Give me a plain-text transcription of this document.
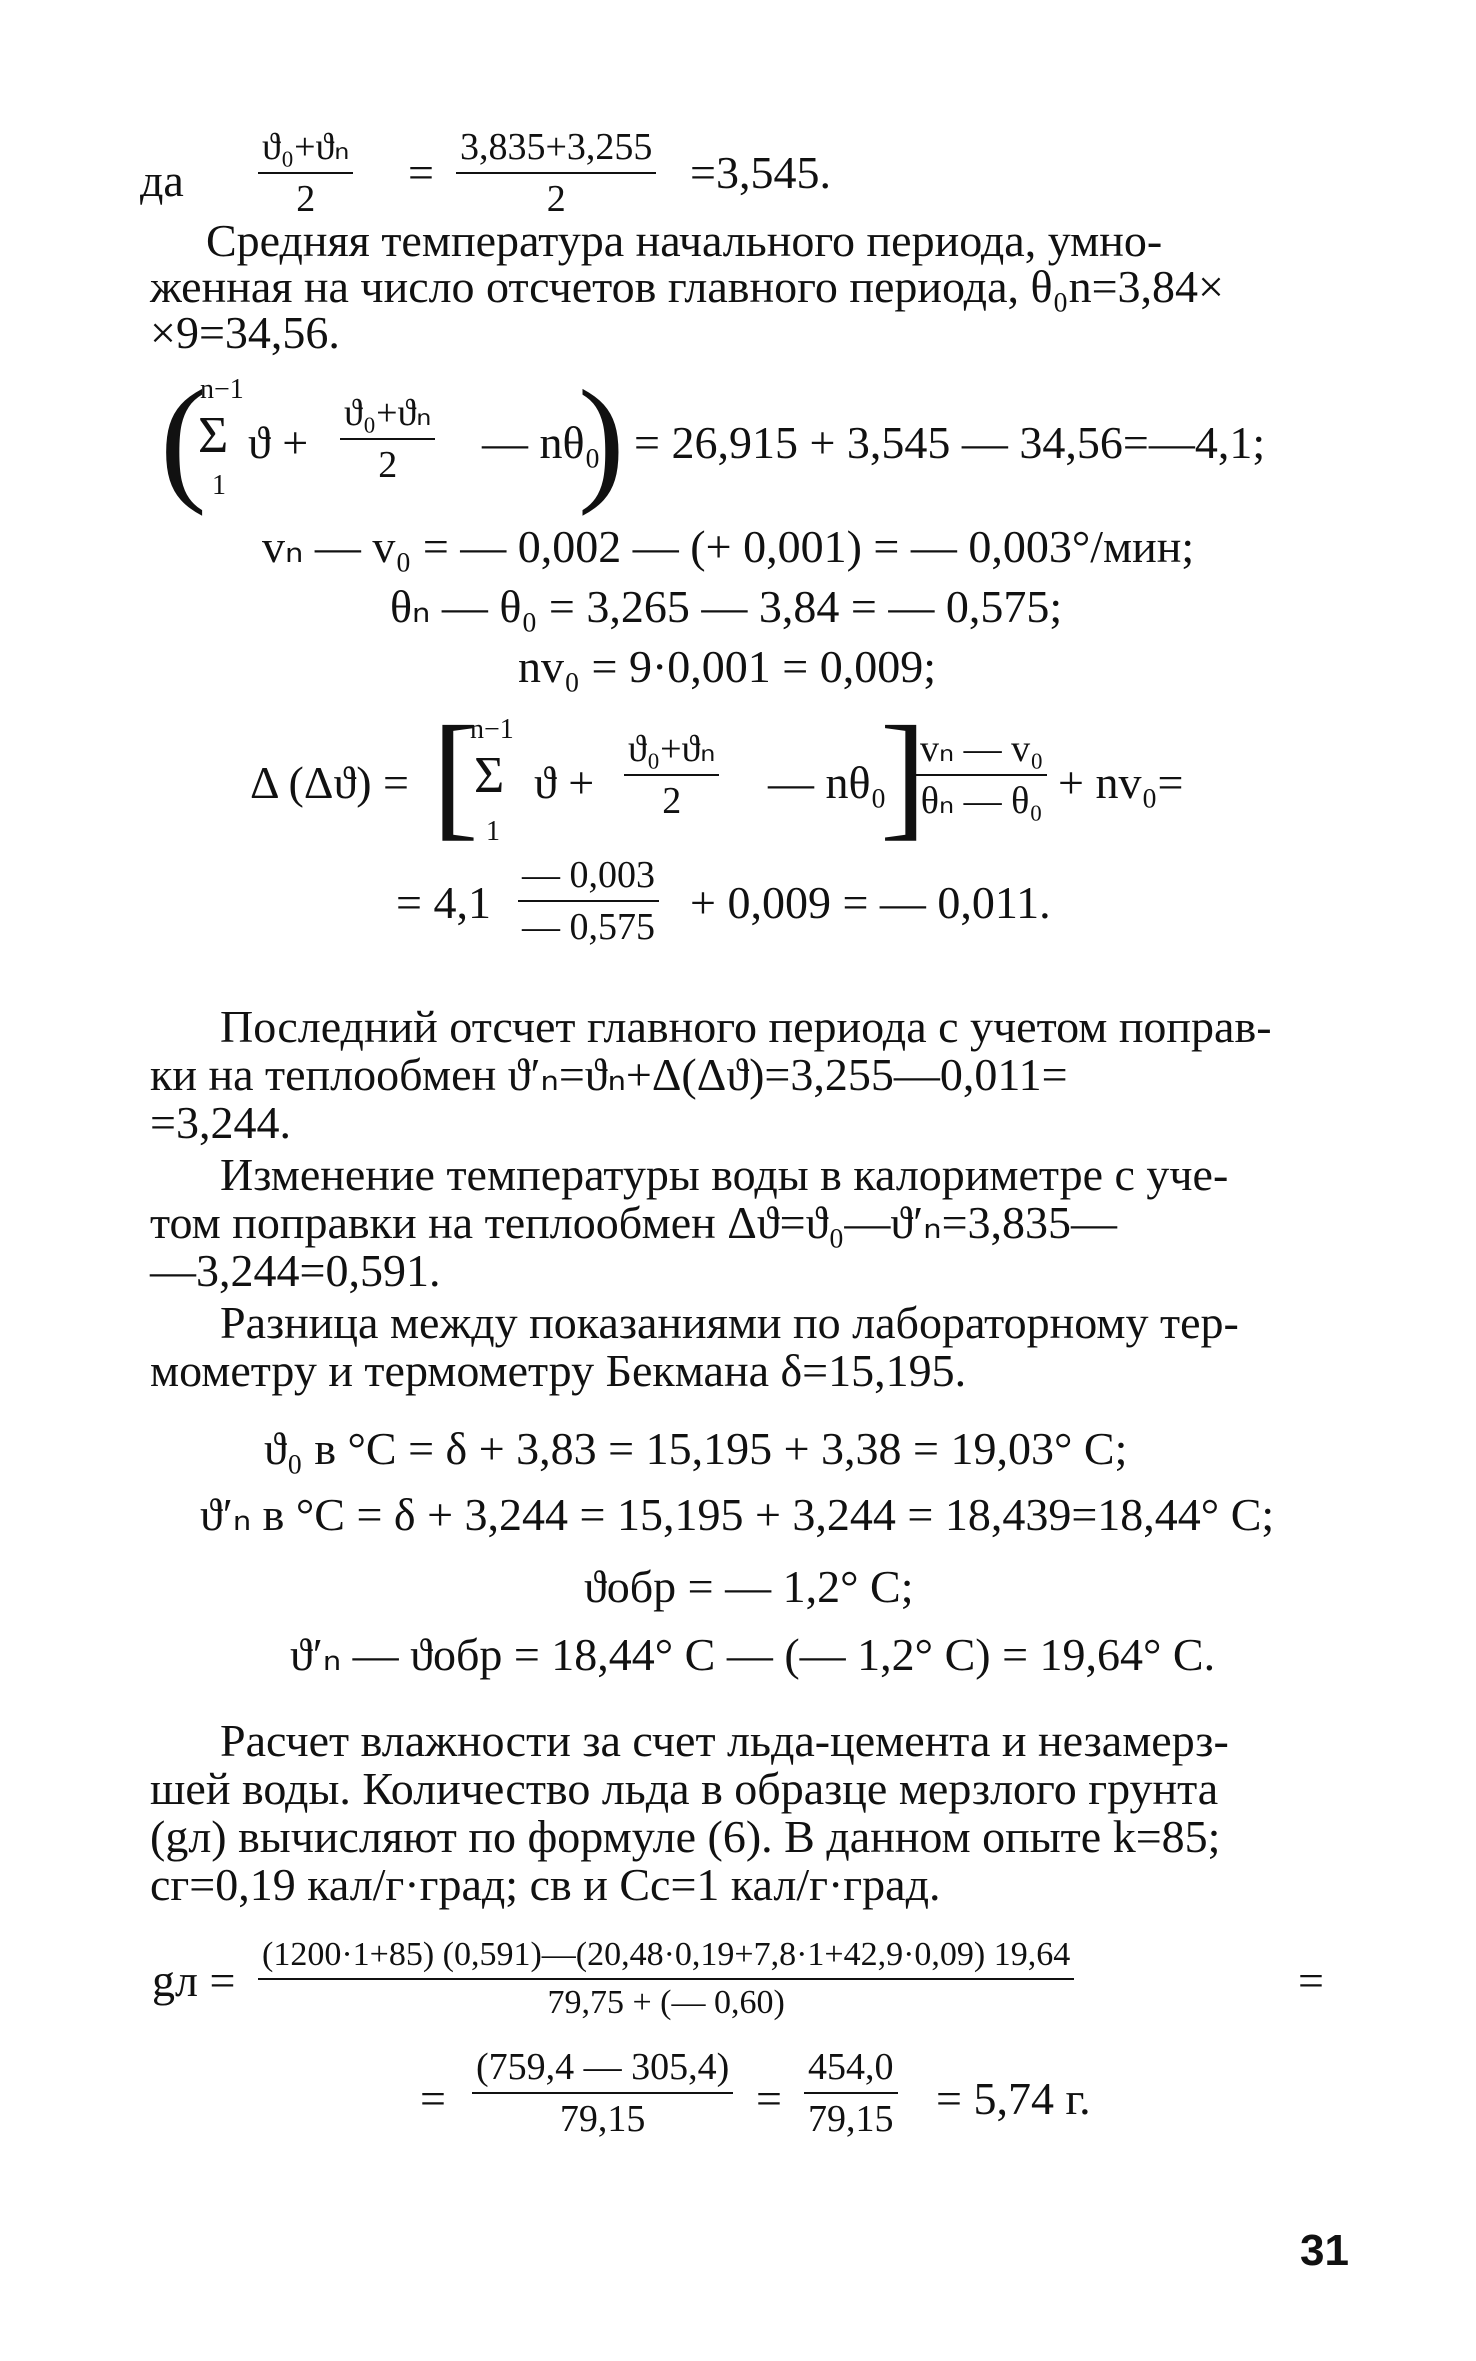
да $\frac{\text{ϑ₀+ϑₙ}}{2} = \frac{3,835+3,255}{2} =3,545$.
Средняя температура начального периода, умно-
женная на число отсчетов главного периода, θ₀n=3,84×
×9=34,56.
(
n−1
Σ
1
$ϑ + \frac{\text{ϑ₀+ϑₙ}}{2}$ — nθ₀
) = 26,915 + 3,545 — 34,56=—4,1;
vₙ — v₀ = — 0,002 — (+ 0,001) = — 0,003°/мин;
θₙ — θ₀ = 3,265 — 3,84 = — 0,575;
nv₀ = 9·0,001 = 0,009;
Δ (Δϑ) = [
n−1
Σ
1
$ϑ + \frac{\text{ϑ₀+ϑₙ}}{2}$ — nθ₀
]
$\frac{\text{vₙ — v₀}}{\text{θₙ — θ₀}} + nv_0=$
= $4,1 \frac{— 0,003}{— 0,575} + 0,009$ = — 0,011.
Последний отсчет главного периода с учетом поправ-
ки на теплообмен ϑ′ₙ=ϑₙ+Δ(Δϑ)=3,255—0,011=
=3,244.
Изменение температуры воды в калориметре с уче-
том поправки на теплообмен Δϑ=ϑ₀—ϑ′ₙ=3,835—
—3,244=0,591.
Разница между показаниями по лабораторному тер-
мометру и термометру Бекмана δ=15,195.
ϑ₀ в °C = δ + 3,83 = 15,195 + 3,38 = 19,03° C;
ϑ′ₙ в °C = δ + 3,244 = 15,195 + 3,244 = 18,439=18,44° C;
ϑобр = — 1,2° C;
ϑ′ₙ — ϑобр = 18,44° C — (— 1,2° C) = 19,64° C.
Расчет влажности за счет льда-цемента и незамерз-
шей воды. Количество льда в образце мерзлого грунта
(gл) вычисляют по формуле (6). В данном опыте k=85;
cг=0,19 кал/г·град; cв и Cс=1 кал/г·град.
gл = $\frac{(1200\cdot 1+85) (0,591)—(20,48\cdot 0,19+7,8\cdot 1+42,9\cdot 0,09) 19,64}{79,75 + (— 0,60)}$	=
= $\frac{(759,4 — 305,4)}{79,15} = \frac{454,0}{79,15} = 5,74$ г.
31
